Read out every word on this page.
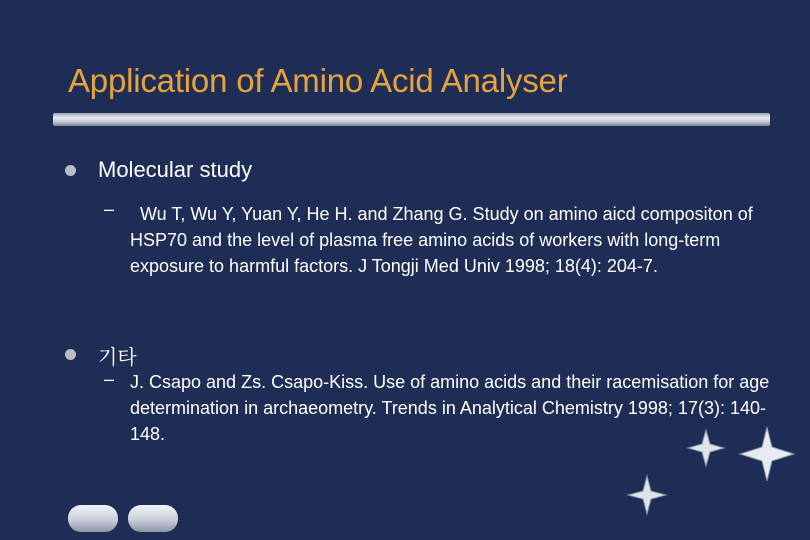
Application of Amino Acid Analyser
Molecular study
–	Wu T, Wu Y, Yuan Y, He H. and Zhang G. Study on amino aicd compositon of HSP70 and the level of plasma free amino acids of workers with long-term exposure to harmful factors. J Tongji Med Univ 1998; 18(4): 204-7.
기타
– J. Csapo and Zs. Csapo-Kiss. Use of amino acids and their racemisation for age determination in archaeometry. Trends in Analytical Chemistry 1998; 17(3): 140-148.
